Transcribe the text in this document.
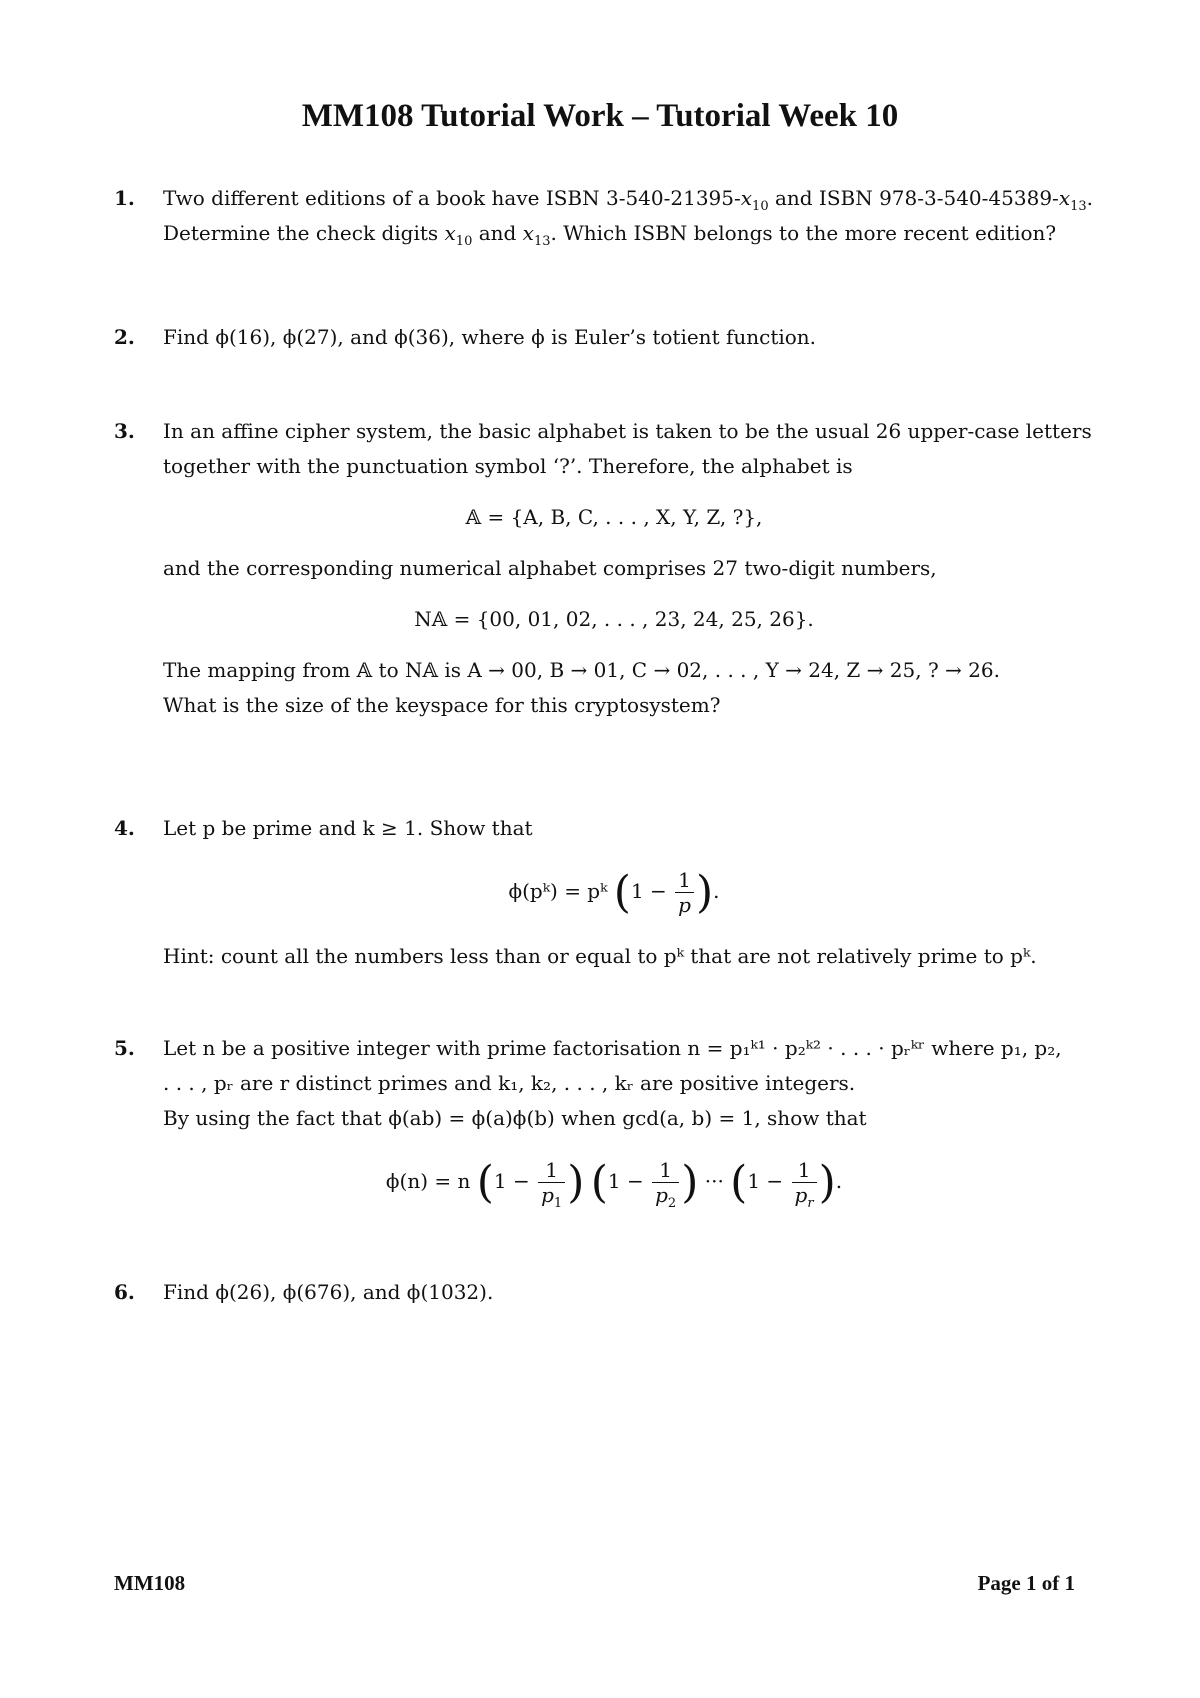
MM108 Tutorial Work – Tutorial Week 10
1. Two different editions of a book have ISBN $3-540-21395-x_{10}$ and ISBN $978-3-540-45389-x_{13}$.
Determine the check digits $x_{10}$ and $x_{13}$. Which ISBN belongs to the more recent edition?
2. Find ϕ(16), ϕ(27), and ϕ(36), where ϕ is Euler’s totient function.
3. In an affine cipher system, the basic alphabet is taken to be the usual 26 upper-case letters together with the punctuation symbol ‘?’. Therefore, the alphabet is
𝔸 = {A, B, C, . . . , X, Y, Z, ?},
and the corresponding numerical alphabet comprises 27 two-digit numbers,
N𝔸 = {00, 01, 02, . . . , 23, 24, 25, 26}.
The mapping from 𝔸 to N𝔸 is A → 00, B → 01, C → 02, . . . , Y → 24, Z → 25, ? → 26.
What is the size of the keyspace for this cryptosystem?
4. Let p be prime and k ≥ 1. Show that
ϕ(pᵏ) = pᵏ ($1 - \frac{1}{p}$ ).
Hint: count all the numbers less than or equal to pᵏ that are not relatively prime to pᵏ.
5. Let n be a positive integer with prime factorisation n = p₁ᵏ¹ · p₂ᵏ² · . . . · pᵣᵏʳ where p₁, p₂,
. . . , pᵣ are r distinct primes and k₁, k₂, . . . , kᵣ are positive integers.
By using the fact that ϕ(ab) = ϕ(a)ϕ(b) when gcd(a, b) = 1, show that
ϕ(n) = n ($1 - \frac{1}{p_1}$ ) ($1 - \frac{1}{p_2}$ ) ··· ($1 - \frac{1}{p_r}$ ).
6. Find ϕ(26), ϕ(676), and ϕ(1032).
MM108	Page 1 of 1
